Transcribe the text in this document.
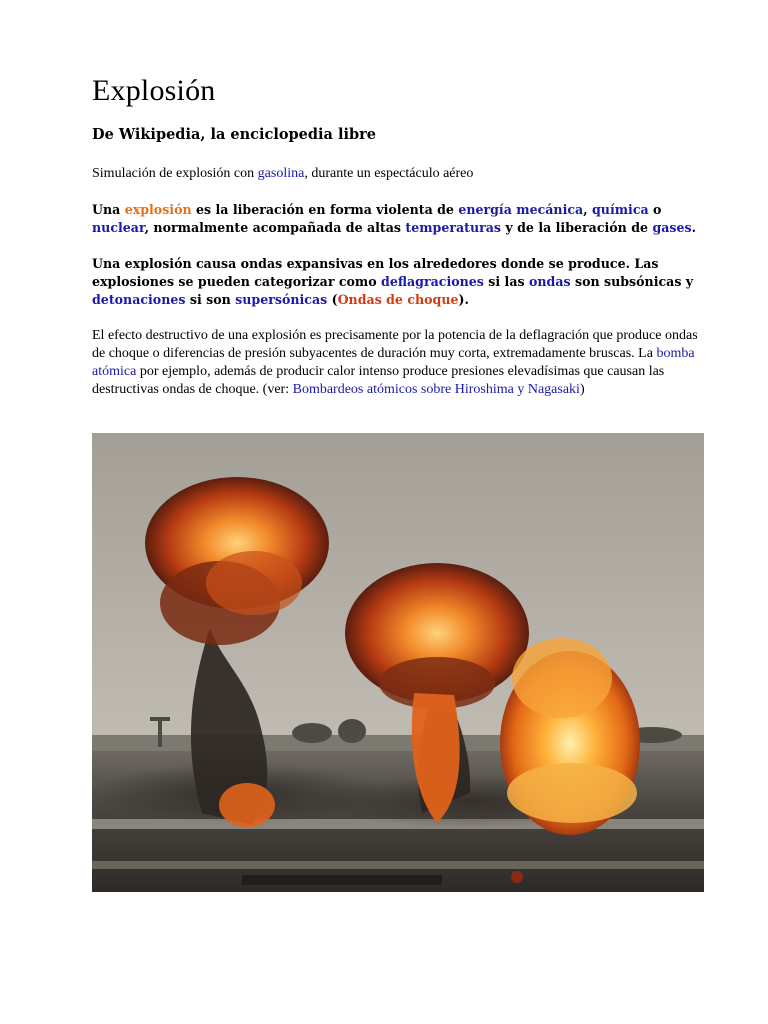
Explosión

De Wikipedia, la enciclopedia libre

Simulación de explosión con gasolina, durante un espectáculo aéreo

Una explosión es la liberación en forma violenta de energía mecánica, química o nuclear, normalmente acompañada de altas temperaturas y de la liberación de gases.

Una explosión causa ondas expansivas en los alrededores donde se produce. Las explosiones se pueden categorizar como deflagraciones si las ondas son subsónicas y detonaciones si son supersónicas (Ondas de choque).

El efecto destructivo de una explosión es precisamente por la potencia de la deflagración que produce ondas de choque o diferencias de presión subyacentes de duración muy corta, extremadamente bruscas. La bomba atómica por ejemplo, además de producir calor intenso produce presiones elevadísimas que causan las destructivas ondas de choque. (ver: Bombardeos atómicos sobre Hiroshima y Nagasaki)
